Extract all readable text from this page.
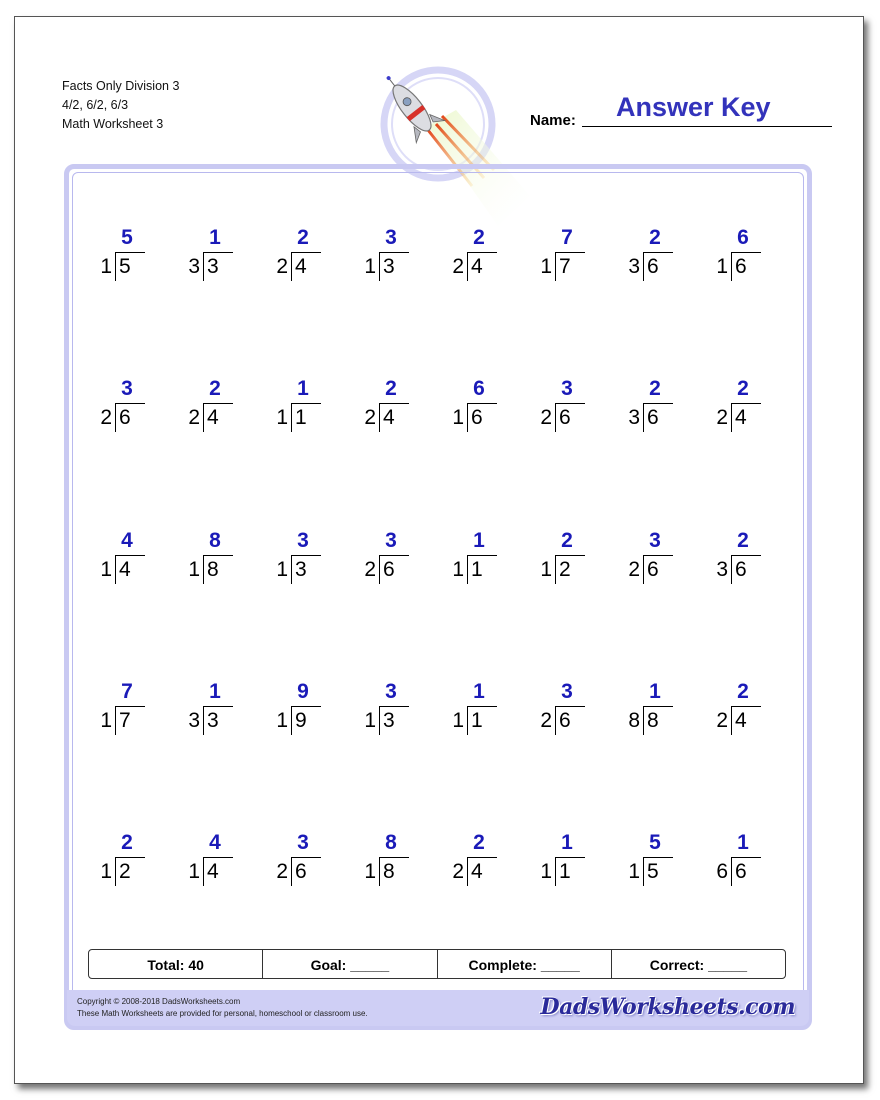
Facts Only Division 3
4/2, 6/2, 6/3
Math Worksheet 3	Name: Answer Key
5
1 5
1
3 3
2
2 4
3
1 3
2
2 4
7
1 7
2
3 6
6
1 6
3
2 6
2
2 4
1
1 1
2
2 4
6
1 6
3
2 6
2
3 6
2
2 4
4
1 4
8
1 8
3
1 3
3
2 6
1
1 1
2
1 2
3
2 6
2
3 6
7
1 7
1
3 3
9
1 9
3
1 3
1
1 1
3
2 6
1
8 8
2
2 4
2
1 2
4
1 4
3
2 6
8
1 8
2
2 4
1
1 1
5
1 5
1
6 6
Total: 40	Goal: _____	Complete: _____	Correct: _____
Copyright © 2008-2018 DadsWorksheets.com
These Math Worksheets are provided for personal, homeschool or classroom use.	DadsWorksheets.com
